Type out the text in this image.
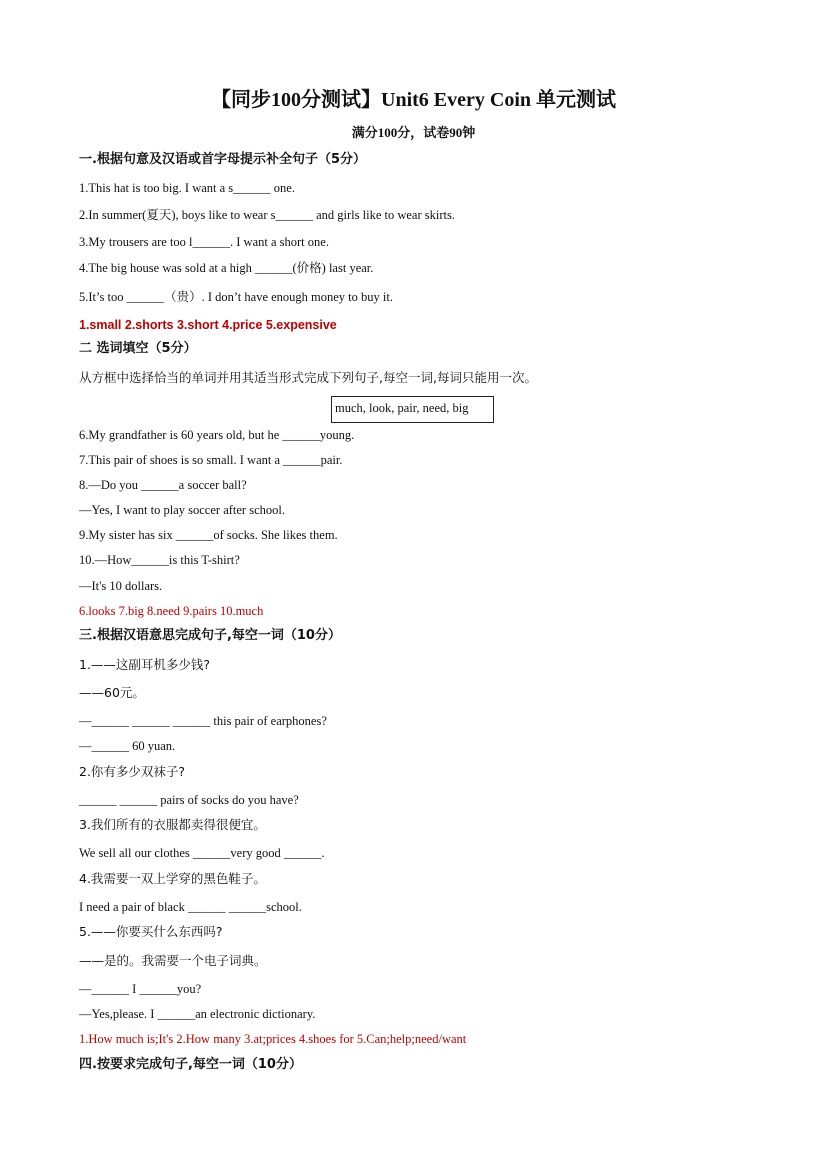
【同步100分测试】Unit6 Every Coin 单元测试
满分100分，试卷90钟
一.根据句意及汉语或首字母提示补全句子（5分）
1.This hat is too big. I want a s______ one.
2.In summer(夏天), boys like to wear s______ and girls like to wear skirts.
3.My trousers are too l______. I want a short one.
4.The big house was sold at a high ______(价格) last year.
5.It’s too ______（贵）. I don’t have enough money to buy it.
1.small 2.shorts 3.short 4.price 5.expensive
二 选词填空（5分）
从方框中选择恰当的单词并用其适当形式完成下列句子,每空一词,每词只能用一次。
much, look, pair, need, big
6.My grandfather is 60 years old, but he ______young.
7.This pair of shoes is so small. I want a ______pair.
8.—Do you ______a soccer ball?
—Yes, I want to play soccer after school.
9.My sister has six ______of socks. She likes them.
10.—How______is this T-shirt?
—It's 10 dollars.
6.looks 7.big 8.need 9.pairs 10.much
三.根据汉语意思完成句子,每空一词（10分）
1.——这副耳机多少钱?
——60元。
—______ ______ ______ this pair of earphones?
—______ 60 yuan.
2.你有多少双袜子?
______ ______ pairs of socks do you have?
3.我们所有的衣服都卖得很便宜。
We sell all our clothes ______very good ______.
4.我需要一双上学穿的黑色鞋子。
I need a pair of black ______ ______school.
5.——你要买什么东西吗?
——是的。我需要一个电子词典。
—______ I ______you?
—Yes,please. I ______an electronic dictionary.
1.How much is;It's 2.How many 3.at;prices 4.shoes for 5.Can;help;need/want
四.按要求完成句子,每空一词（10分）
